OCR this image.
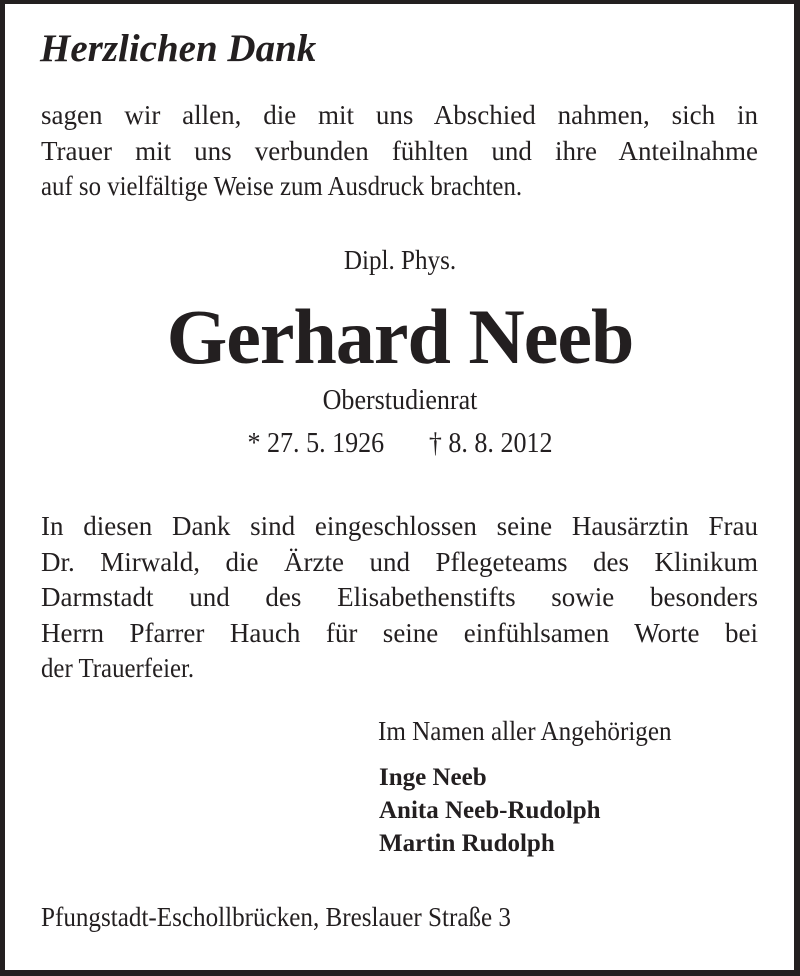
Herzlichen Dank
sagen wir allen, die mit uns Abschied nahmen, sich in
Trauer mit uns verbunden fühlten und ihre Anteilnahme
auf so vielfältige Weise zum Ausdruck brachten.
Dipl. Phys.
Gerhard Neeb
Oberstudienrat
* 27. 5. 1926 † 8. 8. 2012
In diesen Dank sind eingeschlossen seine Hausärztin Frau
Dr. Mirwald, die Ärzte und Pflegeteams des Klinikum
Darmstadt und des Elisabethenstifts sowie besonders
Herrn Pfarrer Hauch für seine einfühlsamen Worte bei
der Trauerfeier.
Im Namen aller Angehörigen
Inge Neeb
Anita Neeb-Rudolph
Martin Rudolph
Pfungstadt-Eschollbrücken, Breslauer Straße 3
